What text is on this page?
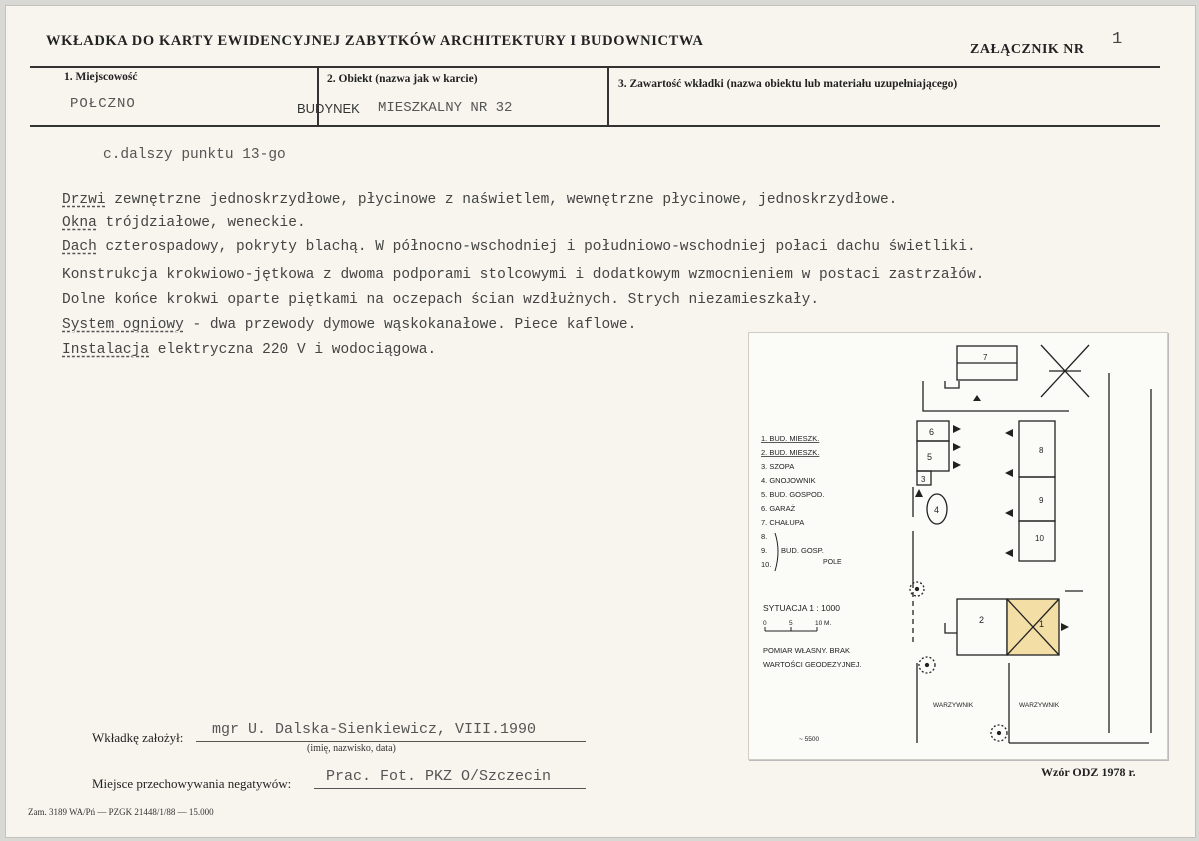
WKŁADKA DO KARTY EWIDENCYJNEJ ZABYTKÓW ARCHITEKTURY I BUDOWNICTWA
ZAŁĄCZNIK NR
1
1. Miejscowość
POŁCZNO
2. Obiekt (nazwa jak w karcie)
BUDYNEK MIESZKALNY NR 32
3. Zawartość wkładki (nazwa obiektu lub materiału uzupełniającego)
c.dalszy punktu 13-go
Drzwi zewnętrzne jednoskrzydłowe, płycinowe z naświetlem, wewnętrzne płycinowe, jednoskrzydłowe.
Okna trójdziałowe, weneckie.
Dach czterospadowy, pokryty blachą. W północno-wschodniej i południowo-wschodniej połaci dachu świetliki.
Konstrukcja krokwiowo-jętkowa z dwoma podporami stolcowymi i dodatkowym wzmocnieniem w postaci zastrzałów.
Dolne końce krokwi oparte piętkami na oczepach ścian wzdłużnych. Strych niezamieszkały.
System ogniowy - dwa przewody dymowe wąskokanałowe. Piece kaflowe.
Instalacja elektryczna 220 V i wodociągowa.
1
2
3
4
5
6
7
8
9
10
1. BUD. MIESZK.
2. BUD. MIESZK.
3. SZOPA
4. GNOJOWNIK
5. BUD. GOSPOD.
6. GARAŻ
7. CHAŁUPA
8.
9.
10.
BUD. GOSP.
POLE
SYTUACJA 1 : 1000
0	5	10 M.
POMIAR WŁASNY. BRAK
WARTOŚCI GEODEZYJNEJ.
WARZYWNIK	WARZYWNIK
~ 5500
Wkładkę założył: mgr U. Dalska-Sienkiewicz, VIII.1990
(imię, nazwisko, data)
Miejsce przechowywania negatywów: Prac. Fot. PKZ O/Szczecin	Wzór ODZ 1978 r.
Zam. 3189 WA/Pń — PZGK 21448/1/88 — 15.000
